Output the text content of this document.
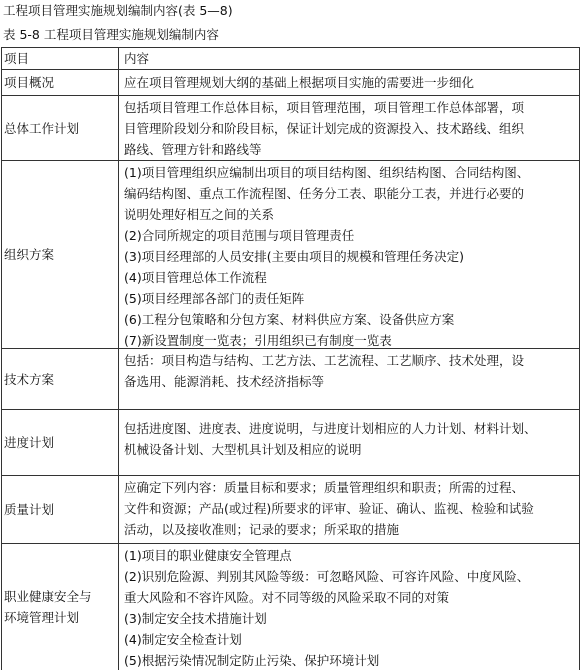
工程项目管理实施规划编制内容(表 5—8)
表 5-8 工程项目管理实施规划编制内容
项目	内容
项目概况	应在项目管理规划大纲的基础上根据项目实施的需要进一步细化
总体工作计划
包括项目管理工作总体目标，项目管理范围，项目管理工作总体部署，项
目管理阶段划分和阶段目标，保证计划完成的资源投入、技术路线、组织
路线、管理方针和路线等
组织方案
(1)项目管理组织应编制出项目的项目结构图、组织结构图、合同结构图、
编码结构图、重点工作流程图、任务分工表、职能分工表，并进行必要的
说明处理好相互之间的关系
(2)合同所规定的项目范围与项目管理责任
(3)项目经理部的人员安排(主要由项目的规模和管理任务决定)
(4)项目管理总体工作流程
(5)项目经理部各部门的责任矩阵
(6)工程分包策略和分包方案、材料供应方案、设备供应方案
(7)新设置制度一览表；引用组织已有制度一览表
技术方案
包括：项目构造与结构、工艺方法、工艺流程、工艺顺序、技术处理，设
备选用、能源消耗、技术经济指标等
进度计划
包括进度图、进度表、进度说明，与进度计划相应的人力计划、材料计划、
机械设备计划、大型机具计划及相应的说明
质量计划
应确定下列内容：质量目标和要求；质量管理组织和职责；所需的过程、
文件和资源；产品(或过程)所要求的评审、验证、确认、监视、检验和试验
活动，以及接收准则；记录的要求；所采取的措施
职业健康安全与
环境管理计划
(1)项目的职业健康安全管理点
(2)识别危险源、判别其风险等级：可忽略风险、可容许风险、中度风险、
重大风险和不容许风险。对不同等级的风险采取不同的对策
(3)制定安全技术措施计划
(4)制定安全检查计划
(5)根据污染情况制定防止污染、保护环境计划
